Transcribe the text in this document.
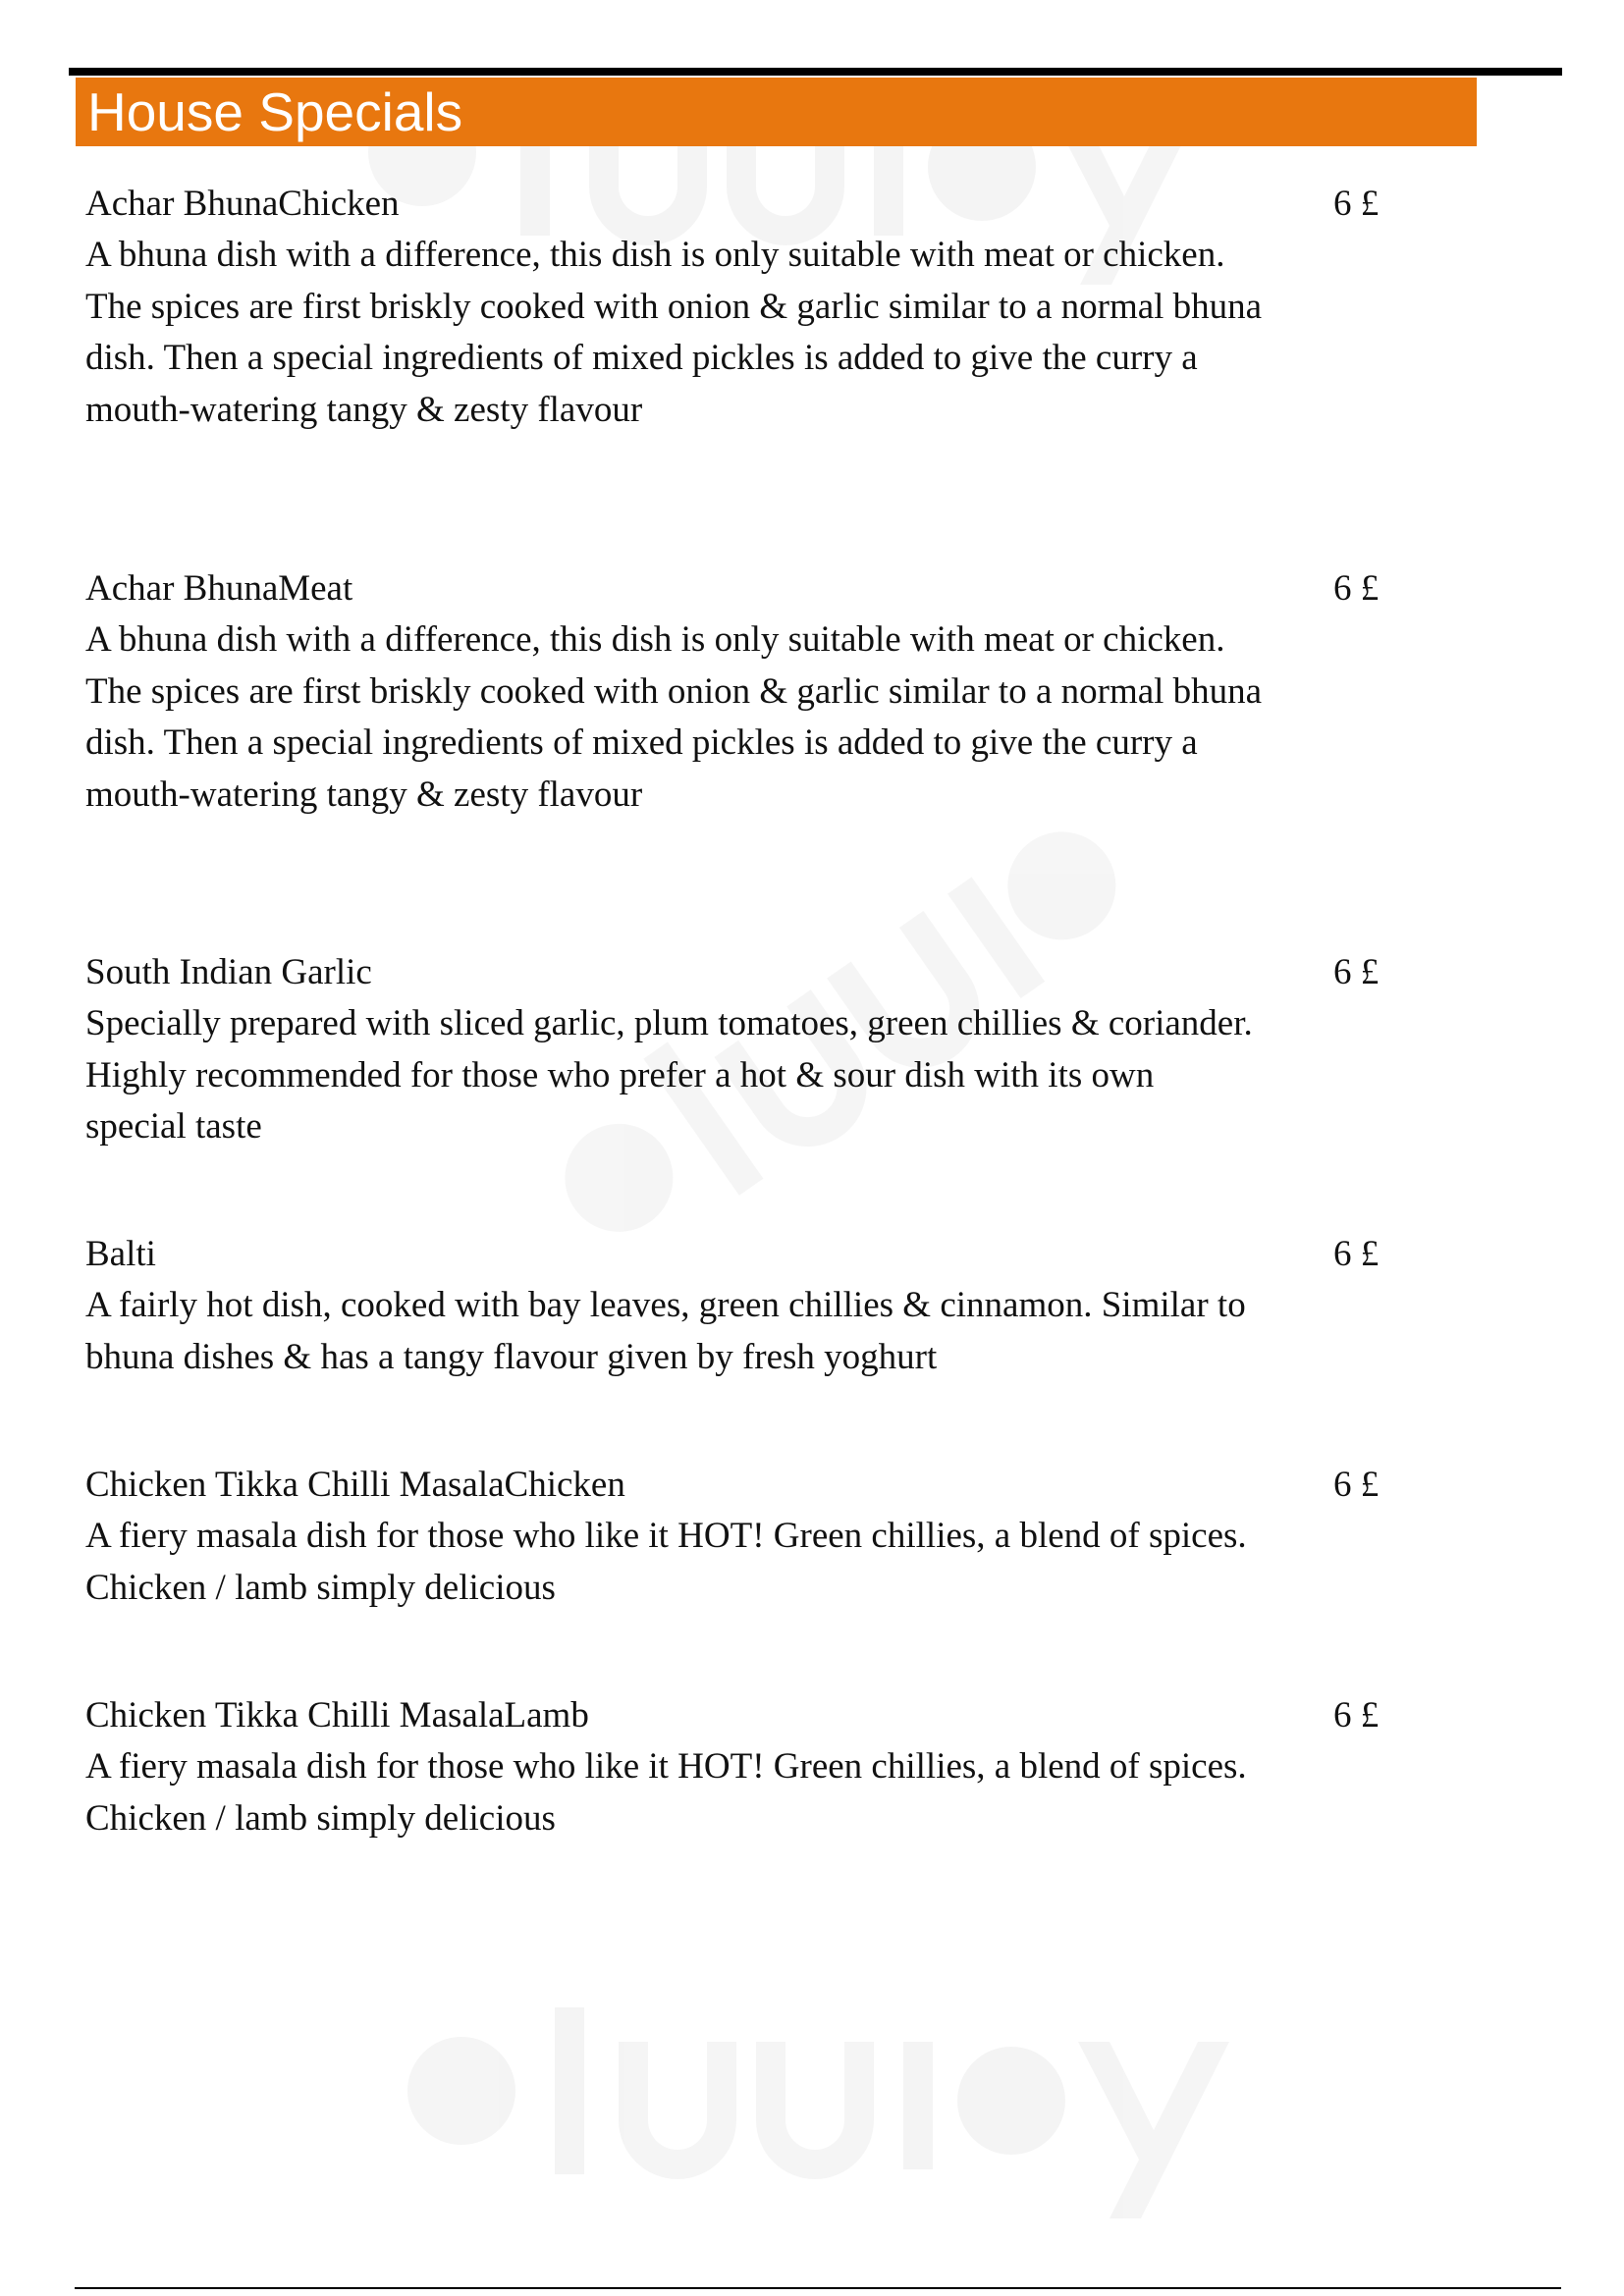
House Specials
Achar BhunaChicken
A bhuna dish with a difference, this dish is only suitable with meat or chicken. The spices are first briskly cooked with onion & garlic similar to a normal bhuna dish. Then a special ingredients of mixed pickles is added to give the curry a mouth-watering tangy & zesty flavour
6 £
Achar BhunaMeat
A bhuna dish with a difference, this dish is only suitable with meat or chicken. The spices are first briskly cooked with onion & garlic similar to a normal bhuna dish. Then a special ingredients of mixed pickles is added to give the curry a mouth-watering tangy & zesty flavour
6 £
South Indian Garlic
Specially prepared with sliced garlic, plum tomatoes, green chillies & coriander. Highly recommended for those who prefer a hot & sour dish with its own special taste
6 £
Balti
A fairly hot dish, cooked with bay leaves, green chillies & cinnamon. Similar to bhuna dishes & has a tangy flavour given by fresh yoghurt
6 £
Chicken Tikka Chilli MasalaChicken
A fiery masala dish for those who like it HOT! Green chillies, a blend of spices. Chicken / lamb simply delicious
6 £
Chicken Tikka Chilli MasalaLamb
A fiery masala dish for those who like it HOT! Green chillies, a blend of spices. Chicken / lamb simply delicious
6 £
